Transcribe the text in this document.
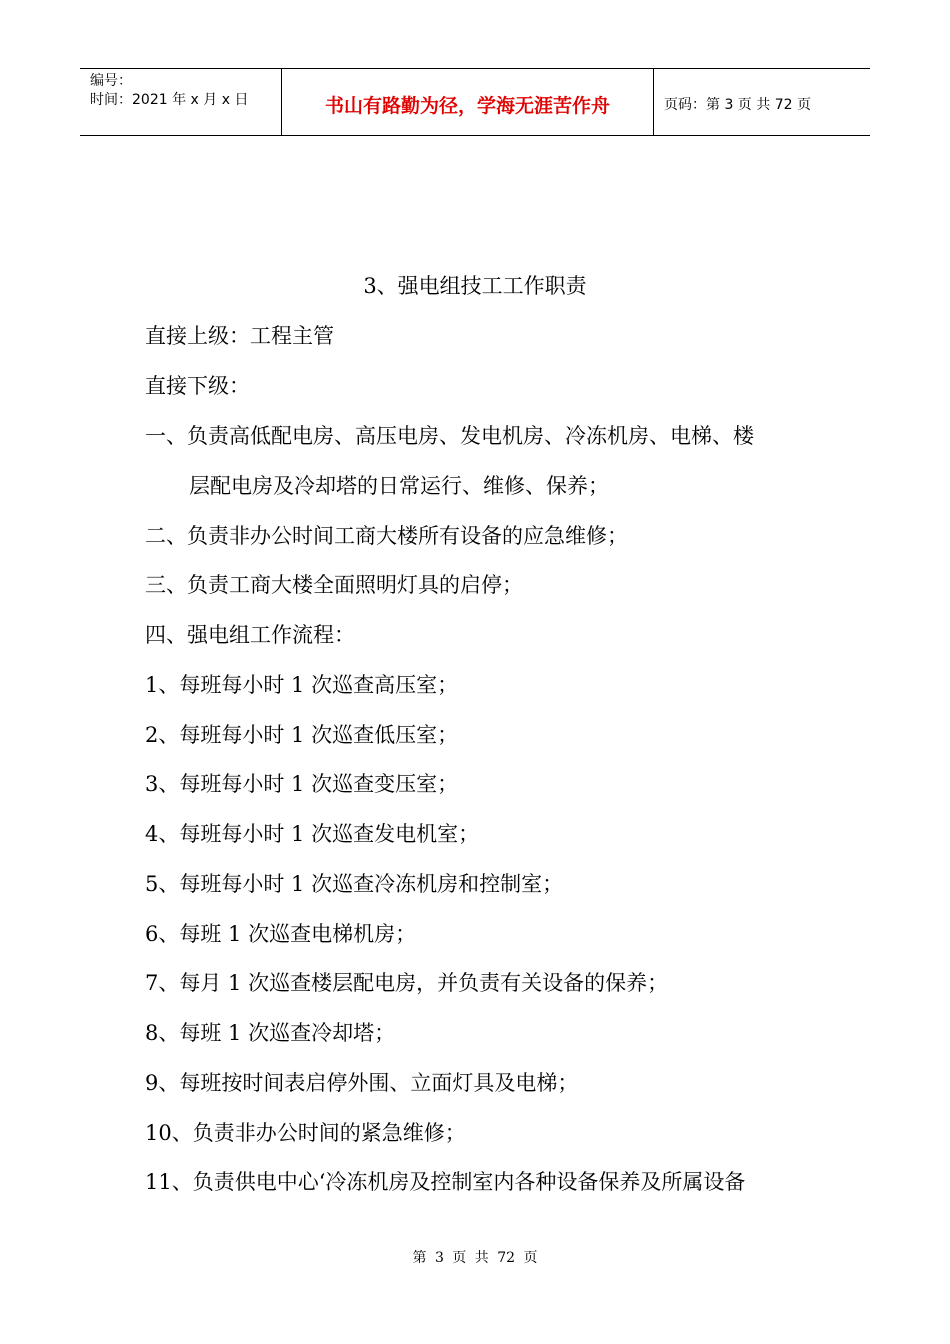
编号：
时间：2021 年 x 月 x 日	书山有路勤为径，学海无涯苦作舟	页码：第 3 页 共 72 页
3、强电组技工工作职责
直接上级：工程主管
直接下级：
一、负责高低配电房、高压电房、发电机房、冷冻机房、电梯、楼
层配电房及冷却塔的日常运行、维修、保养；
二、负责非办公时间工商大楼所有设备的应急维修；
三、负责工商大楼全面照明灯具的启停；
四、强电组工作流程：
1、每班每小时 1 次巡查高压室；
2、每班每小时 1 次巡查低压室；
3、每班每小时 1 次巡查变压室；
4、每班每小时 1 次巡查发电机室；
5、每班每小时 1 次巡查冷冻机房和控制室；
6、每班 1 次巡查电梯机房；
7、每月 1 次巡查楼层配电房，并负责有关设备的保养；
8、每班 1 次巡查冷却塔；
9、每班按时间表启停外围、立面灯具及电梯；
10、负责非办公时间的紧急维修；
11、负责供电中心‘冷冻机房及控制室内各种设备保养及所属设备
第 3 页 共 72 页
